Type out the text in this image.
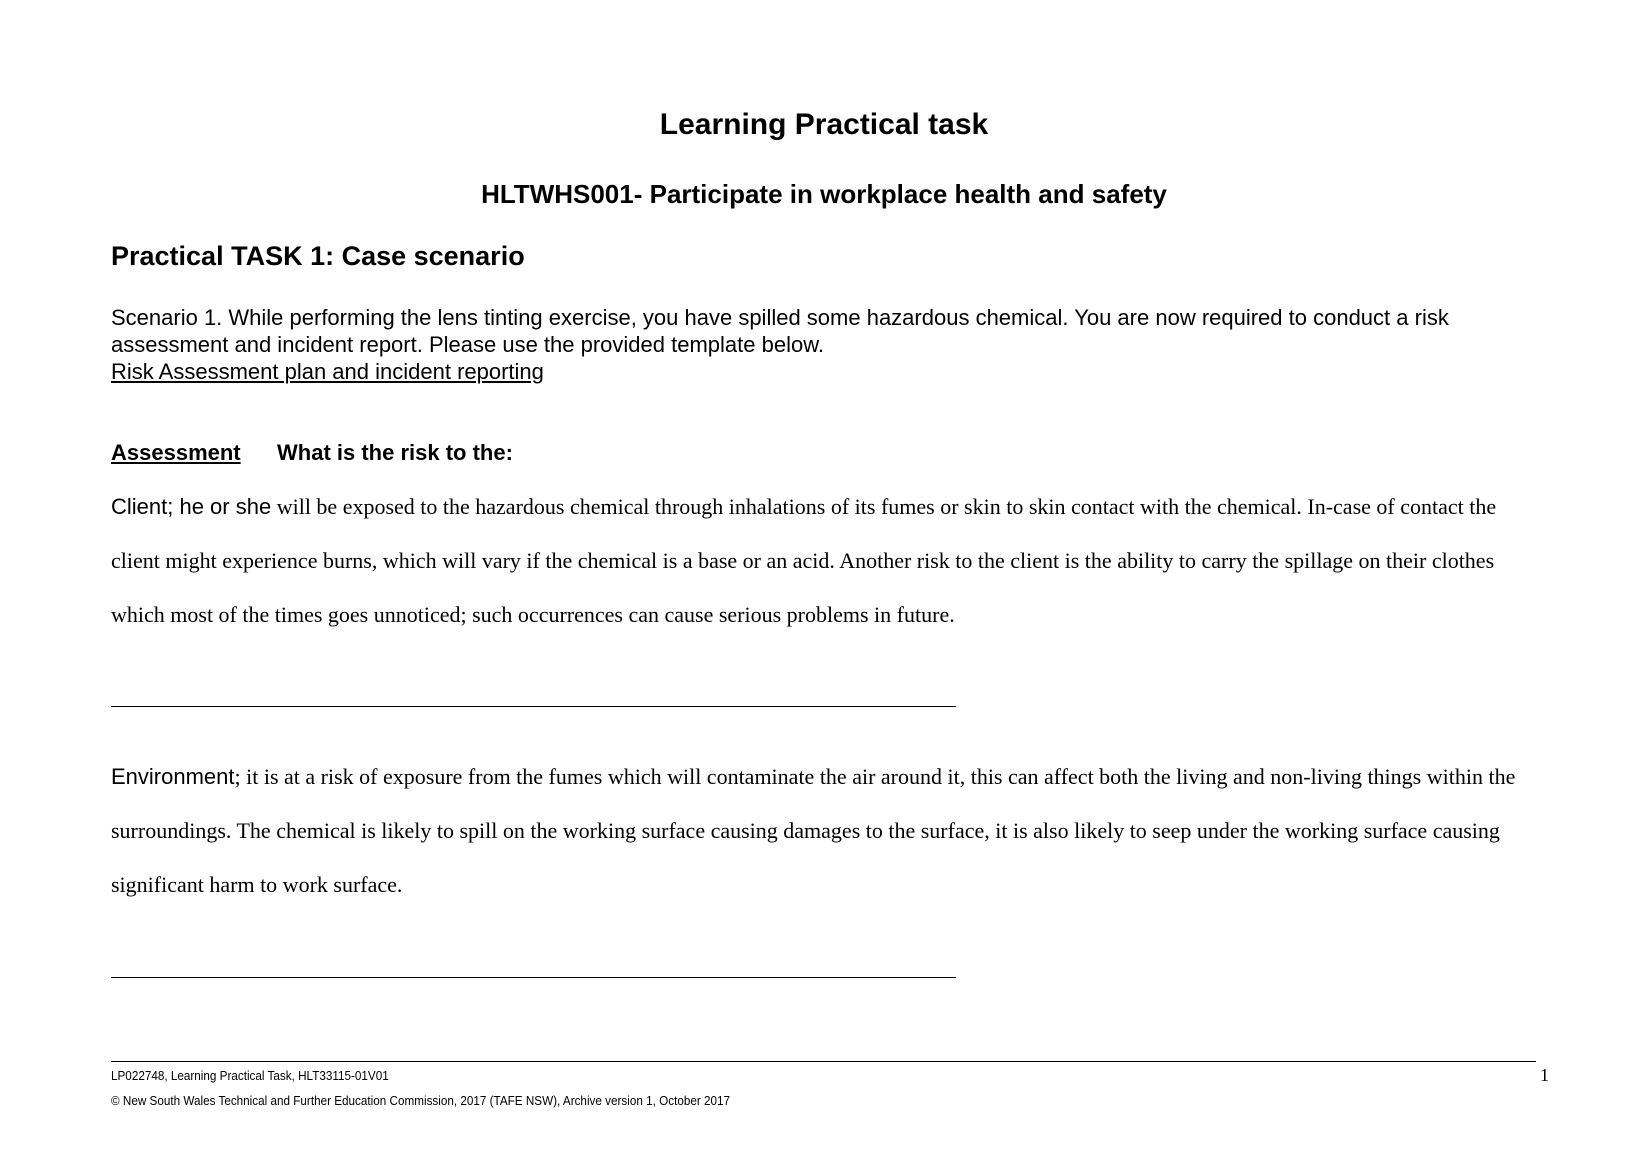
Learning Practical task
HLTWHS001- Participate in workplace health and safety
Practical TASK 1: Case scenario
Scenario 1. While performing the lens tinting exercise, you have spilled some hazardous chemical. You are now required to conduct a risk assessment and incident report. Please use the provided template below.
Risk Assessment plan and incident reporting
Assessment What is the risk to the:
Client; he or she will be exposed to the hazardous chemical through inhalations of its fumes or skin to skin contact with the chemical. In-case of contact the client might experience burns, which will vary if the chemical is a base or an acid. Another risk to the client is the ability to carry the spillage on their clothes which most of the times goes unnoticed; such occurrences can cause serious problems in future.
Environment; it is at a risk of exposure from the fumes which will contaminate the air around it, this can affect both the living and non-living things within the surroundings. The chemical is likely to spill on the working surface causing damages to the surface, it is also likely to seep under the working surface causing significant harm to work surface.
LP022748, Learning Practical Task, HLT33115-01V01
© New South Wales Technical and Further Education Commission, 2017 (TAFE NSW), Archive version 1, October 2017
1
